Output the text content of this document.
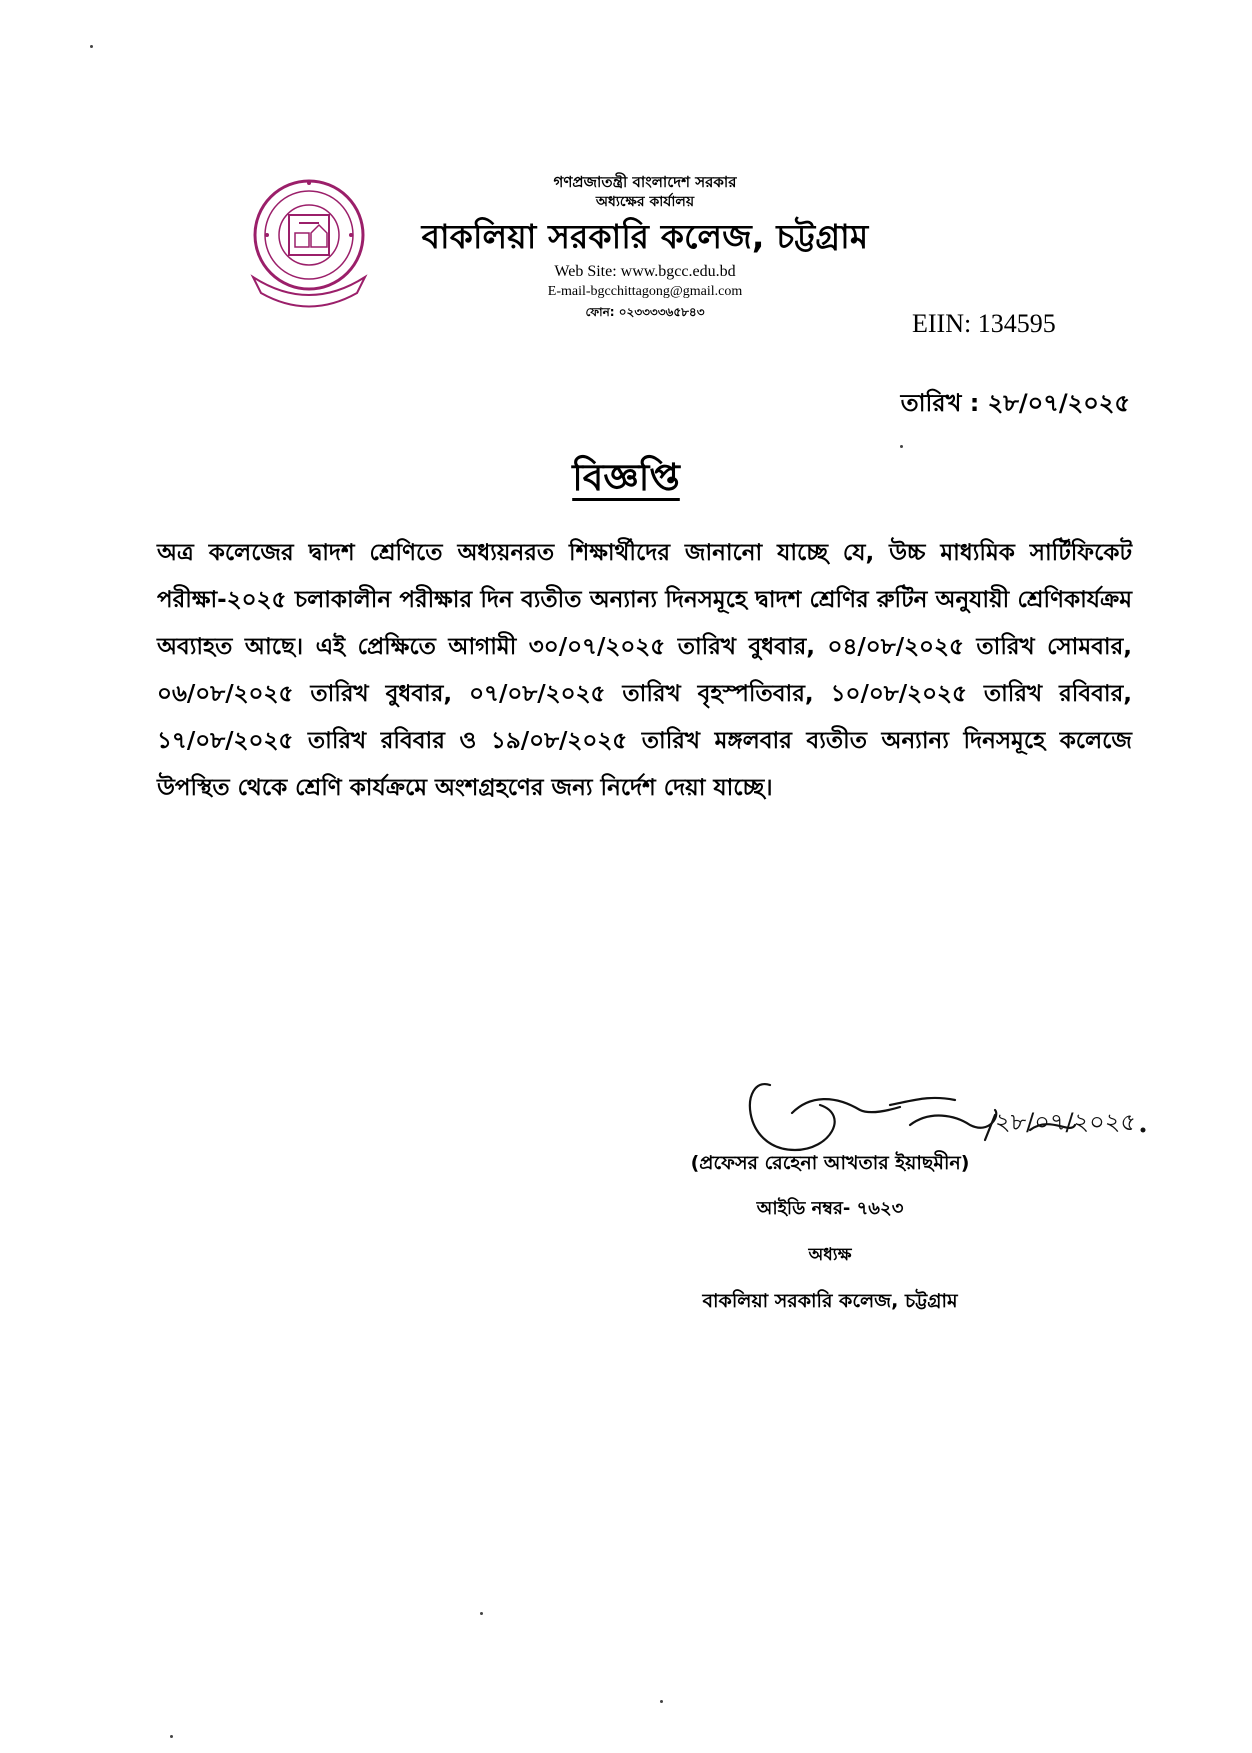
গণপ্রজাতন্ত্রী বাংলাদেশ সরকার
অধ্যক্ষের কার্যালয়
বাকলিয়া সরকারি কলেজ, চট্টগ্রাম
Web Site: www.bgcc.edu.bd
E-mail-bgcchittagong@gmail.com
ফোন: ০২৩৩৩৩৬৫৮৪৩	EIIN: 134595
তারিখ : ২৮/০৭/২০২৫
বিজ্ঞপ্তি

অত্র কলেজের দ্বাদশ শ্রেণিতে অধ্যয়নরত শিক্ষার্থীদের জানানো যাচ্ছে যে, উচ্চ মাধ্যমিক সার্টিফিকেট পরীক্ষা-২০২৫ চলাকালীন পরীক্ষার দিন ব্যতীত অন্যান্য দিনসমূহে দ্বাদশ শ্রেণির রুটিন অনুযায়ী শ্রেণিকার্যক্রম অব্যাহত আছে। এই প্রেক্ষিতে আগামী ৩০/০৭/২০২৫ তারিখ বুধবার, ০৪/০৮/২০২৫ তারিখ সোমবার, ০৬/০৮/২০২৫ তারিখ বুধবার, ০৭/০৮/২০২৫ তারিখ বৃহস্পতিবার, ১০/০৮/২০২৫ তারিখ রবিবার, ১৭/০৮/২০২৫ তারিখ রবিবার ও ১৯/০৮/২০২৫ তারিখ মঙ্গলবার ব্যতীত অন্যান্য দিনসমূহে কলেজে উপস্থিত থেকে শ্রেণি কার্যক্রমে অংশগ্রহণের জন্য নির্দেশ দেয়া যাচ্ছে।

২৮/০৭/২০২৫
(প্রফেসর রেহেনা আখতার ইয়াছমীন)
আইডি নম্বর- ৭৬২৩
অধ্যক্ষ
বাকলিয়া সরকারি কলেজ, চট্টগ্রাম
